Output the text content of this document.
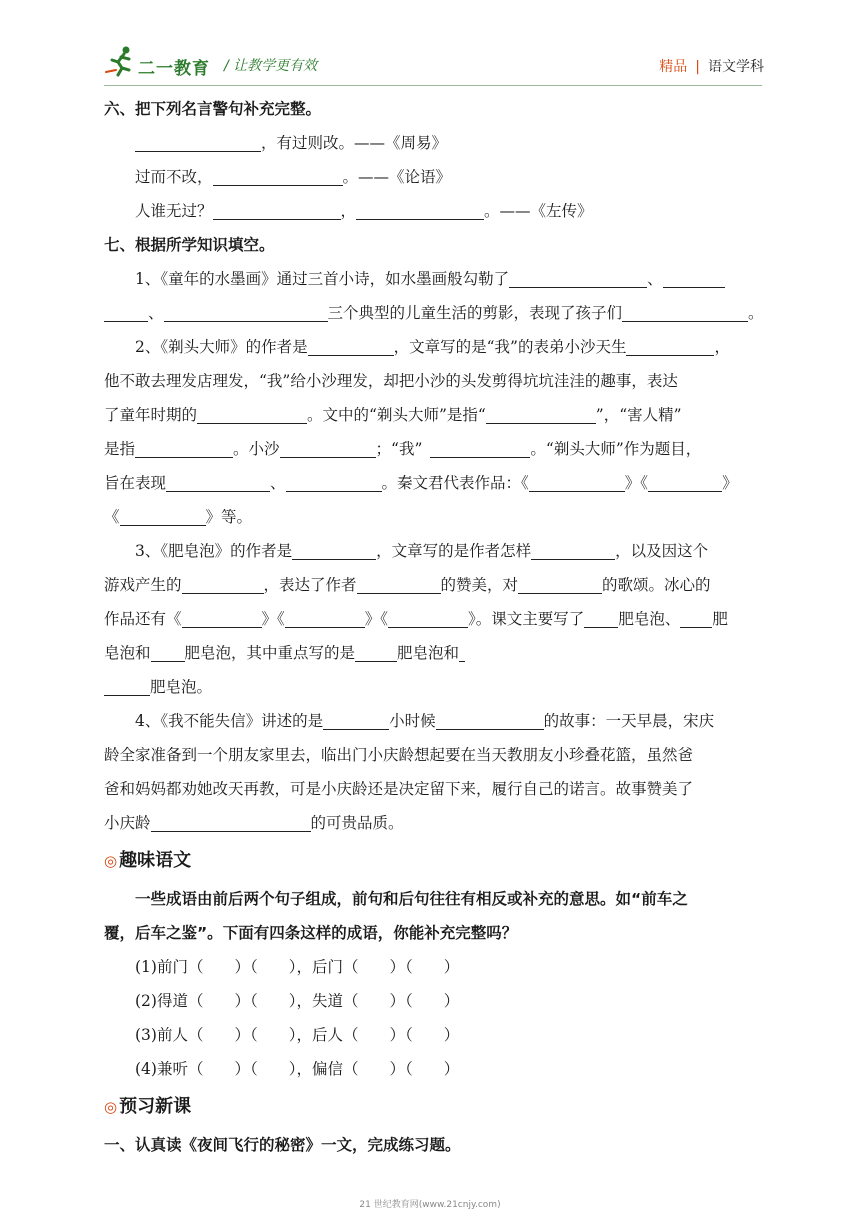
二一教育 / 让教学更有效	精品 | 语文学科
六、把下列名言警句补充完整。
，有过则改。——《周易》
过而不改，	。——《论语》
人谁无过？	，	。——《左传》
七、根据所学知识填空。
1、《童年的水墨画》通过三首小诗，如水墨画般勾勒了	、
、	三个典型的儿童生活的剪影，表现了孩子们	。
2、《剃头大师》的作者是	，文章写的是“我”的表弟小沙天生	，
他不敢去理发店理发，“我”给小沙理发，却把小沙的头发剪得坑坑洼洼的趣事，表达
了童年时期的	。文中的“剃头大师”是指“	”，“害人精”
是指	。小沙	；“我”	。“剃头大师”作为题目，
旨在表现	、	。秦文君代表作品：《	》《	》
《	》等。
3、《肥皂泡》的作者是	，文章写的是作者怎样	，以及因这个
游戏产生的	，表达了作者	的赞美，对	的歌颂。冰心的
作品还有《	》《	》《	》。课文主要写了 肥皂泡、 肥
皂泡和 肥皂泡，其中重点写的是	肥皂泡和
肥皂泡。
4、《我不能失信》讲述的是	小时候	的故事：一天早晨，宋庆
龄全家准备到一个朋友家里去，临出门小庆龄想起要在当天教朋友小珍叠花篮，虽然爸
爸和妈妈都劝她改天再教，可是小庆龄还是决定留下来，履行自己的诺言。故事赞美了
小庆龄	的可贵品质。
◎ 趣味语文
一些成语由前后两个句子组成，前句和后句往往有相反或补充的意思。如“前车之
覆，后车之鉴”。下面有四条这样的成语，你能补充完整吗？
(1)前门（　　）（　　），后门（　　）（　　）
(2)得道（　　）（　　），失道（　　）（　　）
(3)前人（　　）（　　），后人（　　）（　　）
(4)兼听（　　）（　　），偏信（　　）（　　）
◎ 预习新课
一、认真读《夜间飞行的秘密》一文，完成练习题。
21 世纪教育网(www.21cnjy.com)
